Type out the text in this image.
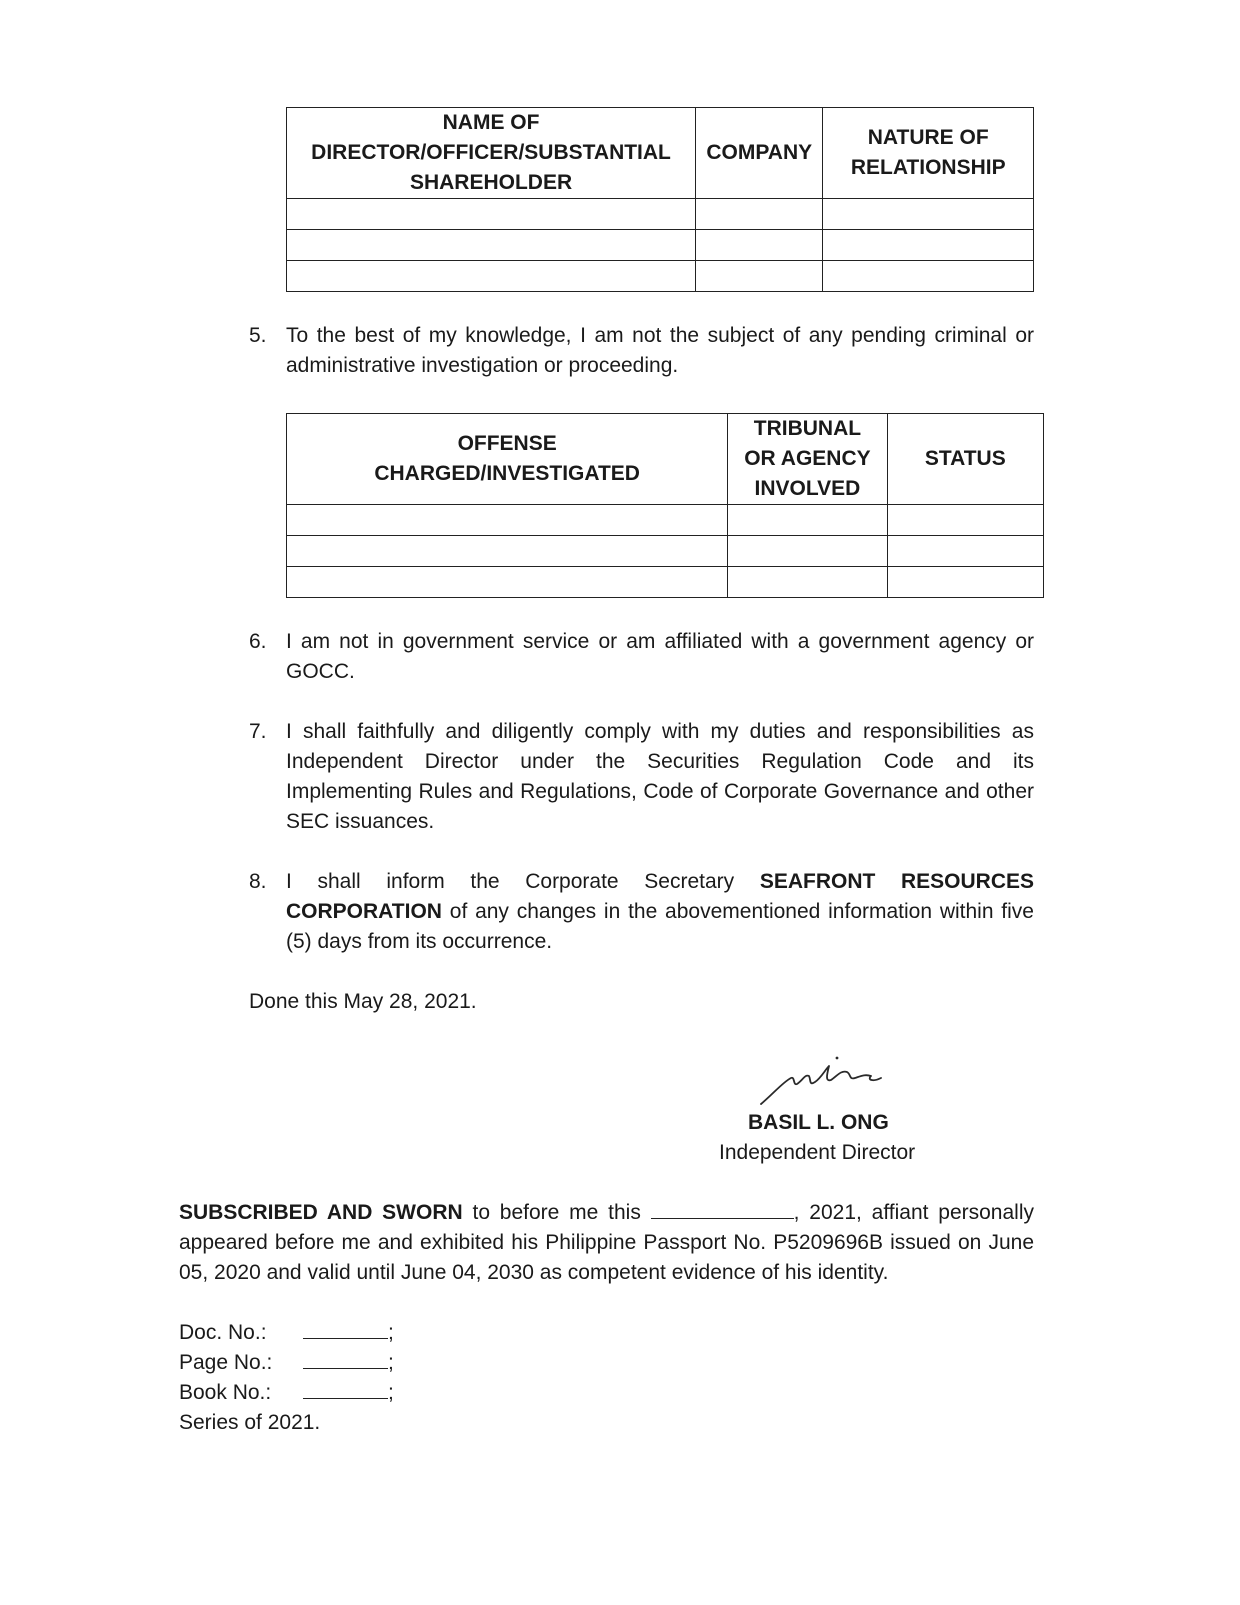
NAME OF DIRECTOR/OFFICER/SUBSTANTIAL SHAREHOLDER	COMPANY	NATURE OF RELATIONSHIP

5. To the best of my knowledge, I am not the subject of any pending criminal or administrative investigation or proceeding.
OFFENSE CHARGED/INVESTIGATED	TRIBUNAL OR AGENCY INVOLVED	STATUS

6. I am not in government service or am affiliated with a government agency or GOCC.
7. I shall faithfully and diligently comply with my duties and responsibilities as Independent Director under the Securities Regulation Code and its Implementing Rules and Regulations, Code of Corporate Governance and other SEC issuances.
8. I shall inform the Corporate Secretary SEAFRONT RESOURCES CORPORATION of any changes in the abovementioned information within five (5) days from its occurrence.
Done this May 28, 2021.
BASIL L. ONG
Independent Director
SUBSCRIBED AND SWORN to before me this	, 2021, affiant personally appeared before me and exhibited his Philippine Passport No. P5209696B issued on June 05, 2020 and valid until June 04, 2030 as competent evidence of his identity.
Doc. No.:	;
Page No.:	;
Book No.:	;
Series of 2021.
